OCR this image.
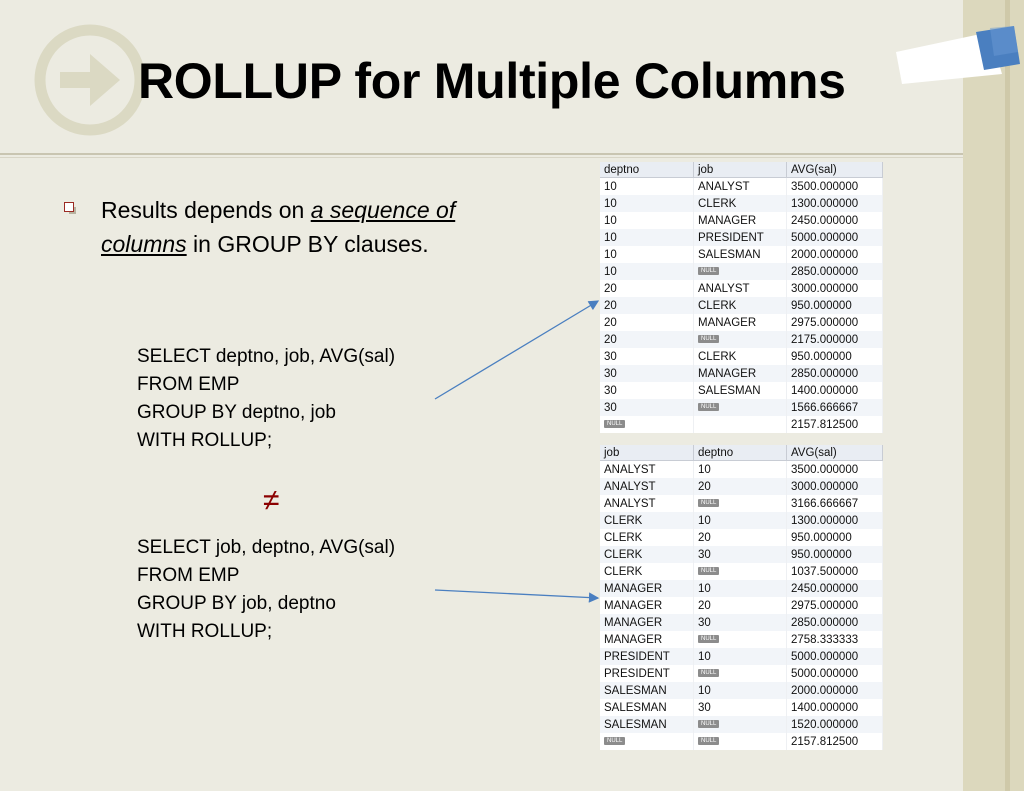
ROLLUP for Multiple Columns
Results depends on a sequence of columns in GROUP BY clauses.
SELECT deptno, job, AVG(sal)
FROM EMP
GROUP BY deptno, job
WITH ROLLUP;
≠
SELECT job, deptno, AVG(sal)
FROM EMP
GROUP BY job, deptno
WITH ROLLUP;
deptno	job	AVG(sal)
10	ANALYST	3500.000000
10	CLERK	1300.000000
10	MANAGER	2450.000000
10	PRESIDENT	5000.000000
10	SALESMAN	2000.000000
10	NULL	2850.000000
20	ANALYST	3000.000000
20	CLERK	950.000000
20	MANAGER	2975.000000
20	NULL	2175.000000
30	CLERK	950.000000
30	MANAGER	2850.000000
30	SALESMAN	1400.000000
30	NULL	1566.666667
NULL		2157.812500
job	deptno	AVG(sal)
ANALYST	10	3500.000000
ANALYST	20	3000.000000
ANALYST	NULL	3166.666667
CLERK	10	1300.000000
CLERK	20	950.000000
CLERK	30	950.000000
CLERK	NULL	1037.500000
MANAGER	10	2450.000000
MANAGER	20	2975.000000
MANAGER	30	2850.000000
MANAGER	NULL	2758.333333
PRESIDENT	10	5000.000000
PRESIDENT	NULL	5000.000000
SALESMAN	10	2000.000000
SALESMAN	30	1400.000000
SALESMAN	NULL	1520.000000
NULL	NULL	2157.812500
